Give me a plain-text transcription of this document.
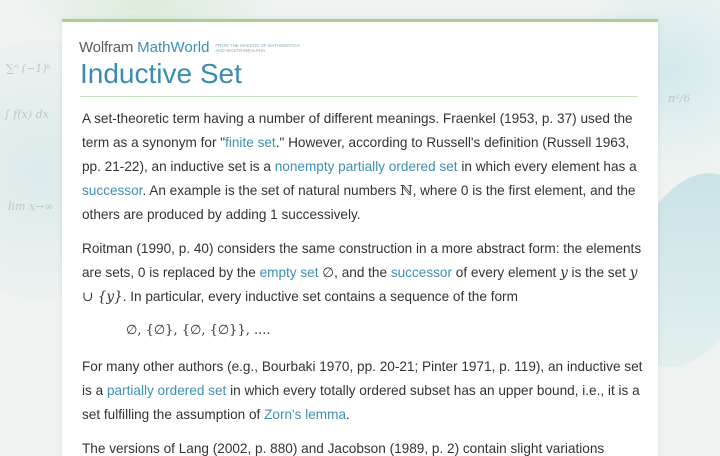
∑ⁿ (−1)ᵏ
∫ f(x) dx
lim x→∞
π²/6
Wolfram MathWorld FROM THE MAKERS OF MATHEMATICA AND WOLFRAM|ALPHA
Inductive Set

A set-theoretic term having a number of different meanings. Fraenkel (1953, p. 37) used the term as a synonym for "finite set." However, according to Russell's definition (Russell 1963, pp. 21-22), an inductive set is a nonempty partially ordered set in which every element has a successor. An example is the set of natural numbers ℕ, where 0 is the first element, and the others are produced by adding 1 successively.

Roitman (1990, p. 40) considers the same construction in a more abstract form: the elements are sets, 0 is replaced by the empty set ∅, and the successor of every element y is the set y ∪ {y}. In particular, every inductive set contains a sequence of the form

∅, {∅}, {∅, {∅}}, ....

For many other authors (e.g., Bourbaki 1970, pp. 20-21; Pinter 1971, p. 119), an inductive set is a partially ordered set in which every totally ordered subset has an upper bound, i.e., it is a set fulfilling the assumption of Zorn's lemma.

The versions of Lang (2002, p. 880) and Jacobson (1989, p. 2) contain slight variations
